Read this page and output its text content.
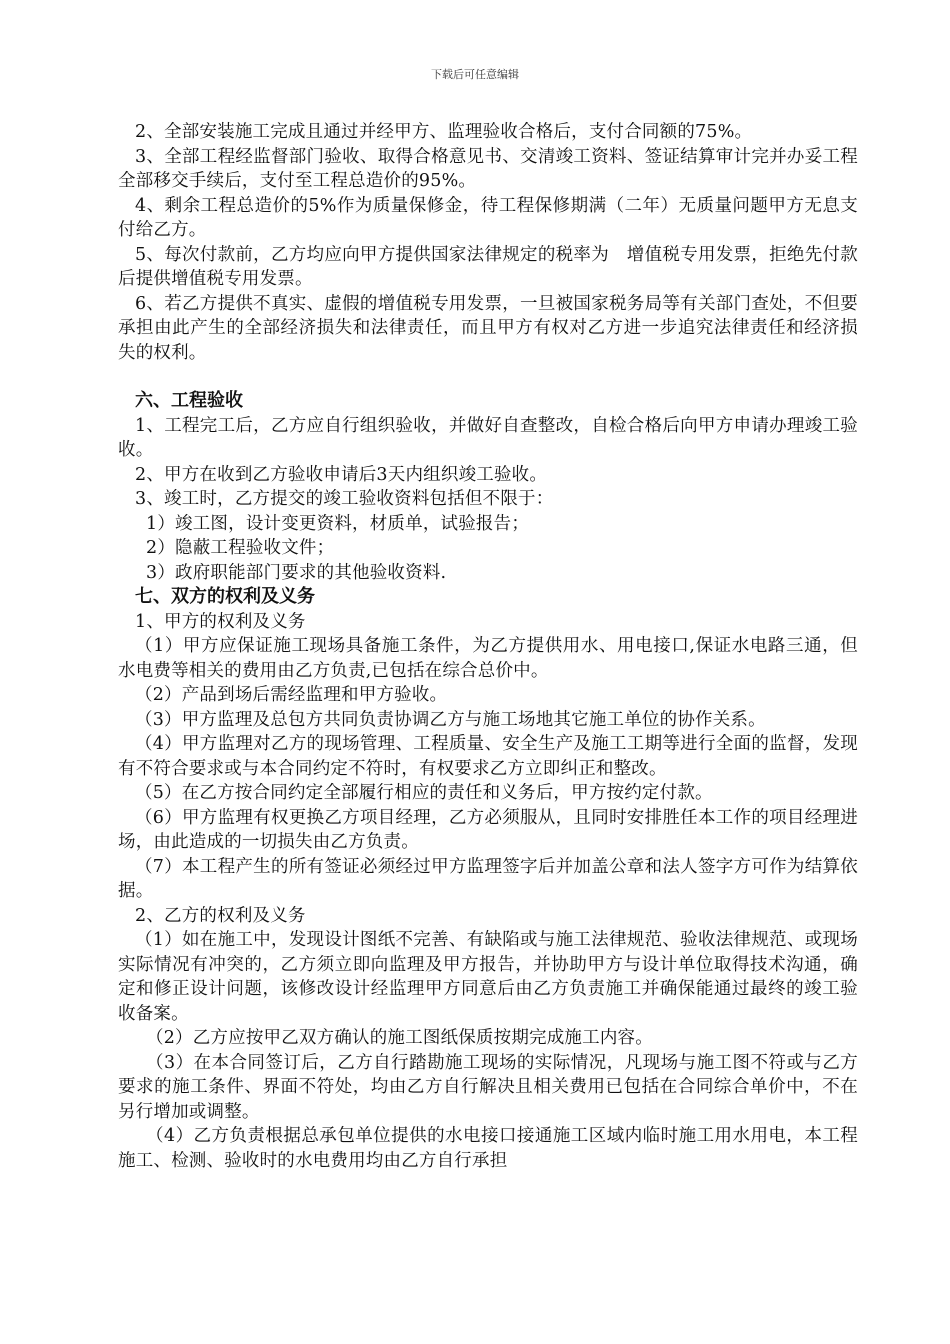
下载后可任意编辑

2、全部安装施工完成且通过并经甲方、监理验收合格后，支付合同额的75%。

3、全部工程经监督部门验收、取得合格意见书、交清竣工资料、签证结算审计完并办妥工程全部移交手续后，支付至工程总造价的95%。

4、剩余工程总造价的5%作为质量保修金，待工程保修期满（二年）无质量问题甲方无息支付给乙方。

5、每次付款前，乙方均应向甲方提供国家法律规定的税率为　增值税专用发票，拒绝先付款后提供增值税专用发票。

6、若乙方提供不真实、虚假的增值税专用发票，一旦被国家税务局等有关部门查处，不但要承担由此产生的全部经济损失和法律责任，而且甲方有权对乙方进一步追究法律责任和经济损失的权利。

六、工程验收

1、工程完工后，乙方应自行组织验收，并做好自查整改，自检合格后向甲方申请办理竣工验收。

2、甲方在收到乙方验收申请后3天内组织竣工验收。

3、竣工时，乙方提交的竣工验收资料包括但不限于：

1）竣工图，设计变更资料，材质单，试验报告；

2）隐蔽工程验收文件；

3）政府职能部门要求的其他验收资料.

七、双方的权利及义务

1、甲方的权利及义务

（1）甲方应保证施工现场具备施工条件，为乙方提供用水、用电接口,保证水电路三通，但水电费等相关的费用由乙方负责,已包括在综合总价中。

（2）产品到场后需经监理和甲方验收。

（3）甲方监理及总包方共同负责协调乙方与施工场地其它施工单位的协作关系。

（4）甲方监理对乙方的现场管理、工程质量、安全生产及施工工期等进行全面的监督，发现有不符合要求或与本合同约定不符时，有权要求乙方立即纠正和整改。

（5）在乙方按合同约定全部履行相应的责任和义务后，甲方按约定付款。

（6）甲方监理有权更换乙方项目经理，乙方必须服从，且同时安排胜任本工作的项目经理进场，由此造成的一切损失由乙方负责。

（7）本工程产生的所有签证必须经过甲方监理签字后并加盖公章和法人签字方可作为结算依据。

2、乙方的权利及义务

（1）如在施工中，发现设计图纸不完善、有缺陷或与施工法律规范、验收法律规范、或现场实际情况有冲突的，乙方须立即向监理及甲方报告，并协助甲方与设计单位取得技术沟通，确定和修正设计问题，该修改设计经监理甲方同意后由乙方负责施工并确保能通过最终的竣工验收备案。

（2）乙方应按甲乙双方确认的施工图纸保质按期完成施工内容。

（3）在本合同签订后，乙方自行踏勘施工现场的实际情况，凡现场与施工图不符或与乙方要求的施工条件、界面不符处，均由乙方自行解决且相关费用已包括在合同综合单价中，不在另行增加或调整。

（4）乙方负责根据总承包单位提供的水电接口接通施工区域内临时施工用水用电，本工程施工、检测、验收时的水电费用均由乙方自行承担
